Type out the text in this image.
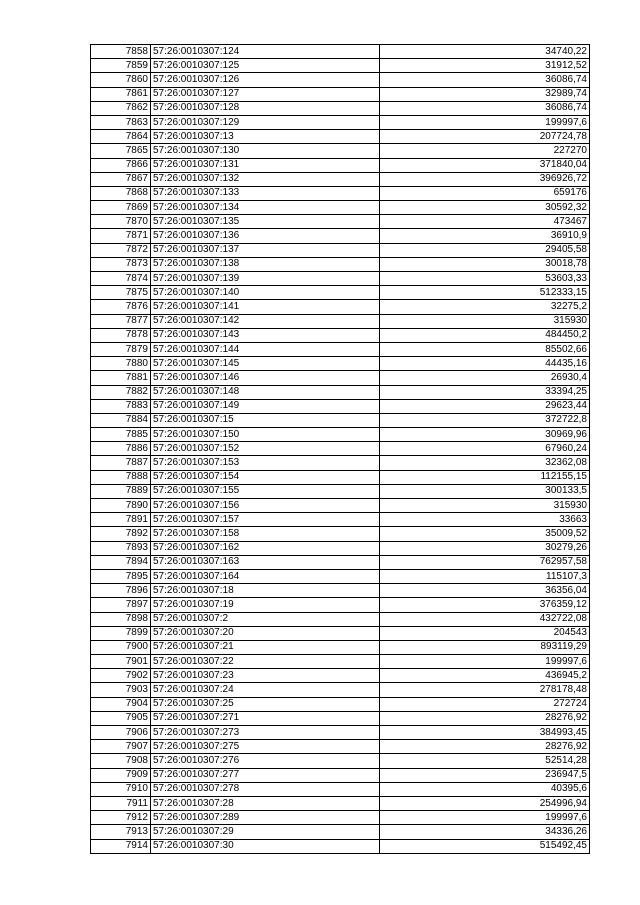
7858	57:26:0010307:124	34740,22
7859	57:26:0010307:125	31912,52
7860	57:26:0010307:126	36086,74
7861	57:26:0010307:127	32989,74
7862	57:26:0010307:128	36086,74
7863	57:26:0010307:129	199997,6
7864	57:26:0010307:13	207724,78
7865	57:26:0010307:130	227270
7866	57:26:0010307:131	371840,04
7867	57:26:0010307:132	396926,72
7868	57:26:0010307:133	659176
7869	57:26:0010307:134	30592,32
7870	57:26:0010307:135	473467
7871	57:26:0010307:136	36910,9
7872	57:26:0010307:137	29405,58
7873	57:26:0010307:138	30018,78
7874	57:26:0010307:139	53603,33
7875	57:26:0010307:140	512333,15
7876	57:26:0010307:141	32275,2
7877	57:26:0010307:142	315930
7878	57:26:0010307:143	484450,2
7879	57:26:0010307:144	85502,66
7880	57:26:0010307:145	44435,16
7881	57:26:0010307:146	26930,4
7882	57:26:0010307:148	33394,25
7883	57:26:0010307:149	29623,44
7884	57:26:0010307:15	372722,8
7885	57:26:0010307:150	30969,96
7886	57:26:0010307:152	67960,24
7887	57:26:0010307:153	32362,08
7888	57:26:0010307:154	112155,15
7889	57:26:0010307:155	300133,5
7890	57:26:0010307:156	315930
7891	57:26:0010307:157	33663
7892	57:26:0010307:158	35009,52
7893	57:26:0010307:162	30279,26
7894	57:26:0010307:163	762957,58
7895	57:26:0010307:164	115107,3
7896	57:26:0010307:18	36356,04
7897	57:26:0010307:19	376359,12
7898	57:26:0010307:2	432722,08
7899	57:26:0010307:20	204543
7900	57:26:0010307:21	893119,29
7901	57:26:0010307:22	199997,6
7902	57:26:0010307:23	436945,2
7903	57:26:0010307:24	278178,48
7904	57:26:0010307:25	272724
7905	57:26:0010307:271	28276,92
7906	57:26:0010307:273	384993,45
7907	57:26:0010307:275	28276,92
7908	57:26:0010307:276	52514,28
7909	57:26:0010307:277	236947,5
7910	57:26:0010307:278	40395,6
7911	57:26:0010307:28	254996,94
7912	57:26:0010307:289	199997,6
7913	57:26:0010307:29	34336,26
7914	57:26:0010307:30	515492,45
